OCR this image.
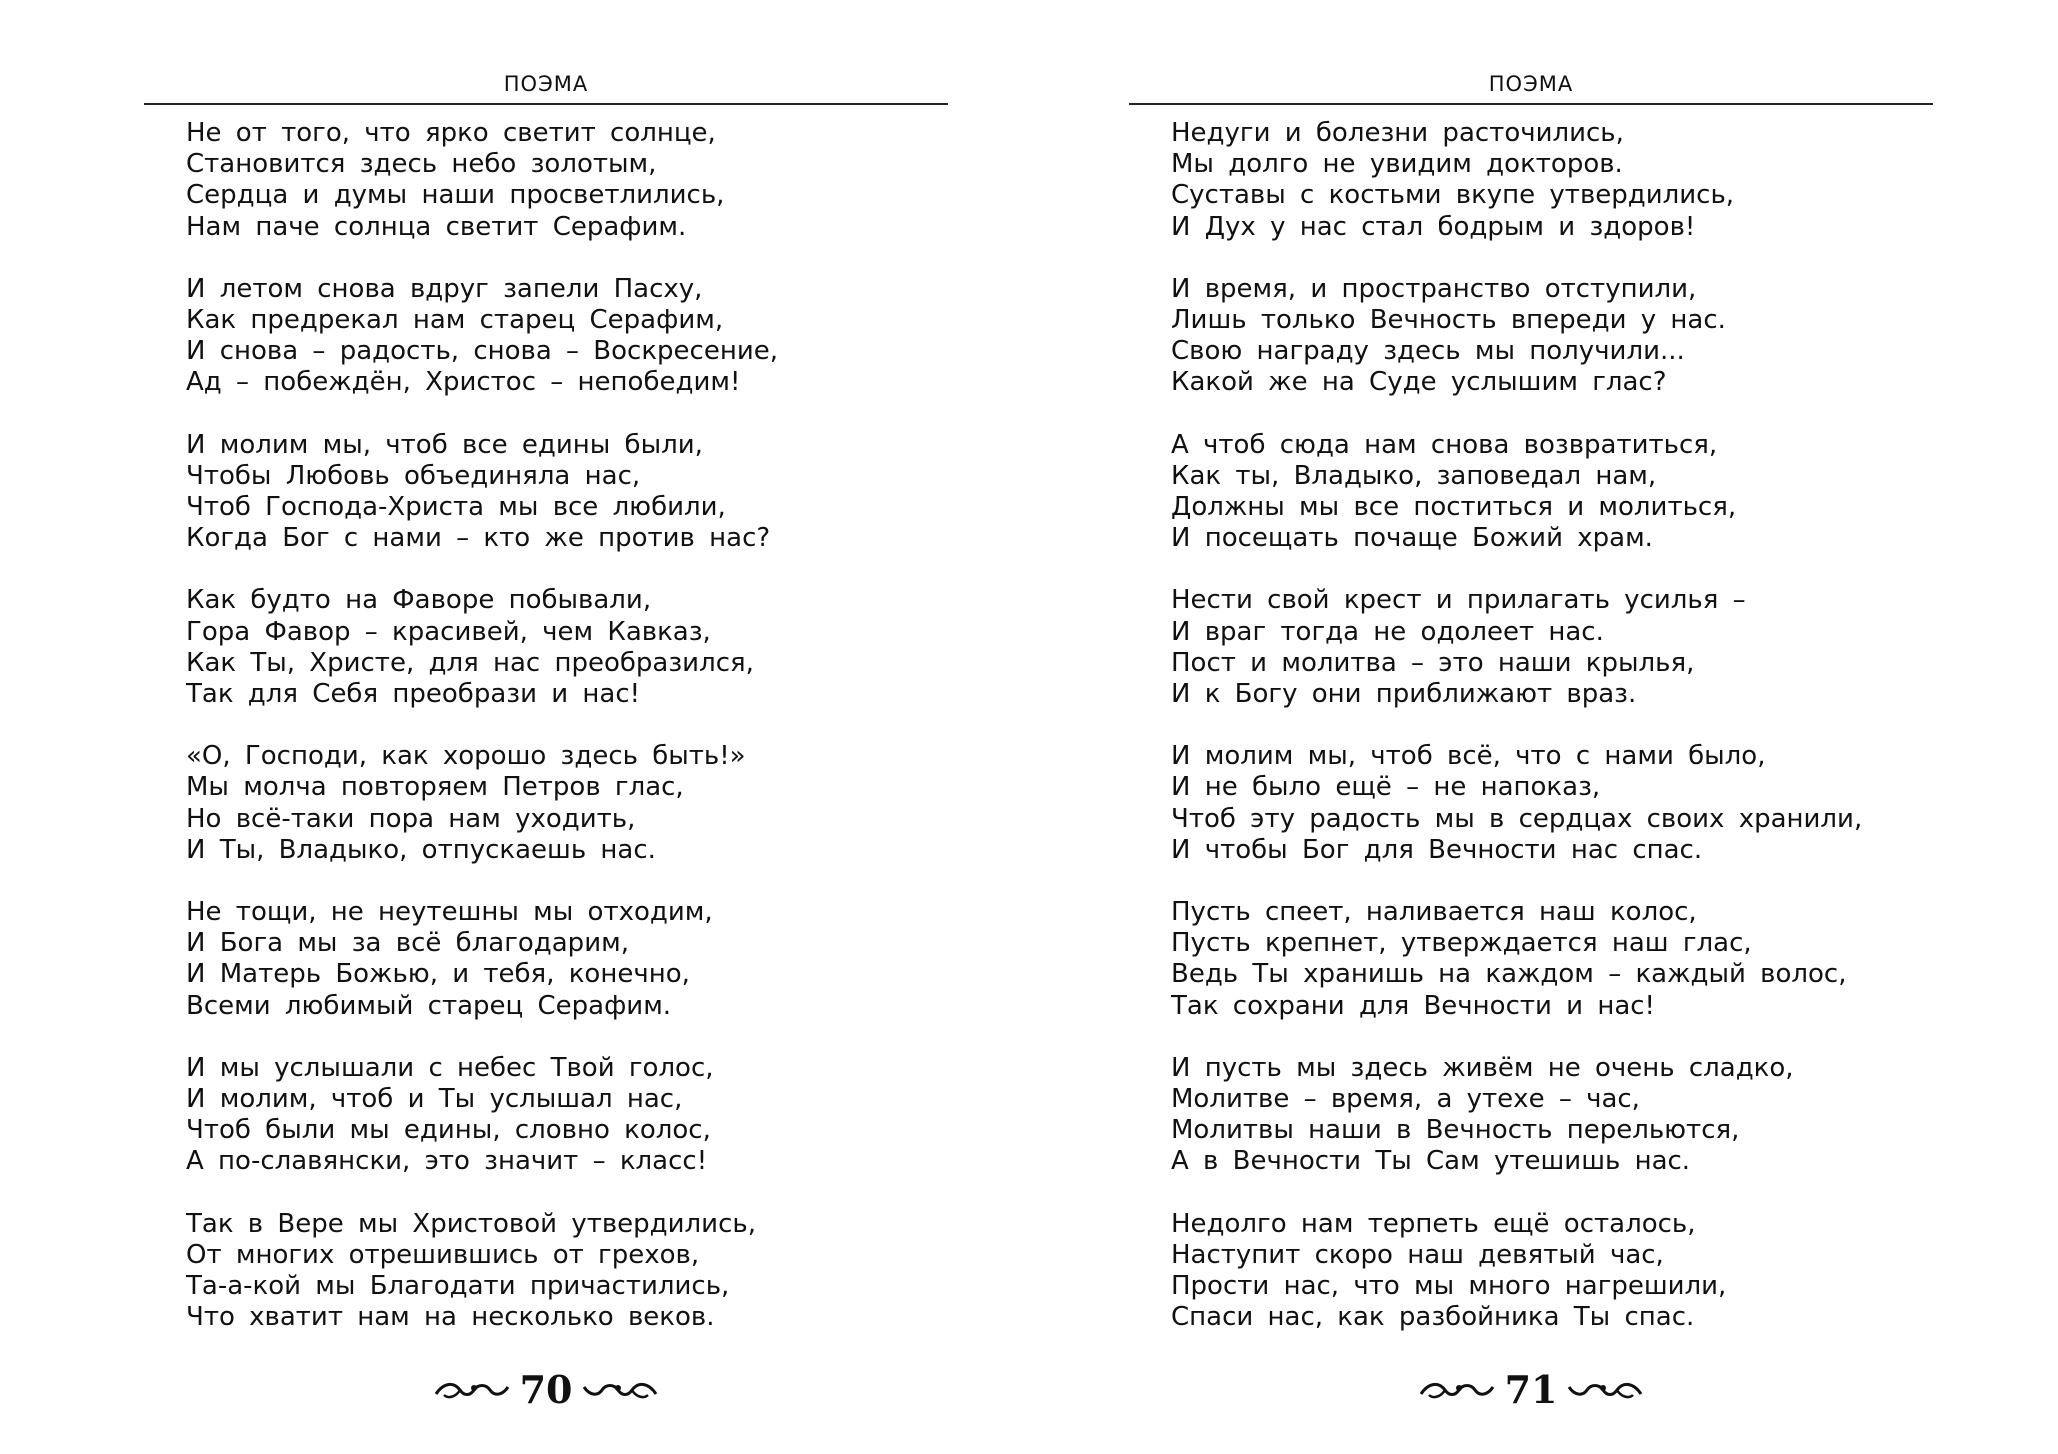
ПОЭМА
Не от того, что ярко светит солнце,
Становится здесь небо золотым,
Сердца и думы наши просветлились,
Нам паче солнца светит Серафим.
И летом снова вдруг запели Пасху,
Как предрекал нам старец Серафим,
И снова – радость, снова – Воскресение,
Ад – побеждён, Христос – непобедим!
И молим мы, чтоб все едины были,
Чтобы Любовь объединяла нас,
Чтоб Господа-Христа мы все любили,
Когда Бог с нами – кто же против нас?
Как будто на Фаворе побывали,
Гора Фавор – красивей, чем Кавказ,
Как Ты, Христе, для нас преобразился,
Так для Себя преобрази и нас!
«О, Господи, как хорошо здесь быть!»
Мы молча повторяем Петров глас,
Но всё-таки пора нам уходить,
И Ты, Владыко, отпускаешь нас.
Не тощи, не неутешны мы отходим,
И Бога мы за всё благодарим,
И Матерь Божью, и тебя, конечно,
Всеми любимый старец Серафим.
И мы услышали с небес Твой голос,
И молим, чтоб и Ты услышал нас,
Чтоб были мы едины, словно колос,
А по-славянски, это значит – класс!
Так в Вере мы Христовой утвердились,
От многих отрешившись от грехов,
Та-а-кой мы Благодати причастились,
Что хватит нам на несколько веков.
70
ПОЭМА
Недуги и болезни расточились,
Мы долго не увидим докторов.
Суставы с костьми вкупе утвердились,
И Дух у нас стал бодрым и здоров!
И время, и пространство отступили,
Лишь только Вечность впереди у нас.
Свою награду здесь мы получили...
Какой же на Суде услышим глас?
А чтоб сюда нам снова возвратиться,
Как ты, Владыко, заповедал нам,
Должны мы все поститься и молиться,
И посещать почаще Божий храм.
Нести свой крест и прилагать усилья –
И враг тогда не одолеет нас.
Пост и молитва – это наши крылья,
И к Богу они приближают враз.
И молим мы, чтоб всё, что с нами было,
И не было ещё – не напоказ,
Чтоб эту радость мы в сердцах своих хранили,
И чтобы Бог для Вечности нас спас.
Пусть спеет, наливается наш колос,
Пусть крепнет, утверждается наш глас,
Ведь Ты хранишь на каждом – каждый волос,
Так сохрани для Вечности и нас!
И пусть мы здесь живём не очень сладко,
Молитве – время, а утехе – час,
Молитвы наши в Вечность перельются,
А в Вечности Ты Сам утешишь нас.
Недолго нам терпеть ещё осталось,
Наступит скоро наш девятый час,
Прости нас, что мы много нагрешили,
Спаси нас, как разбойника Ты спас.
71
